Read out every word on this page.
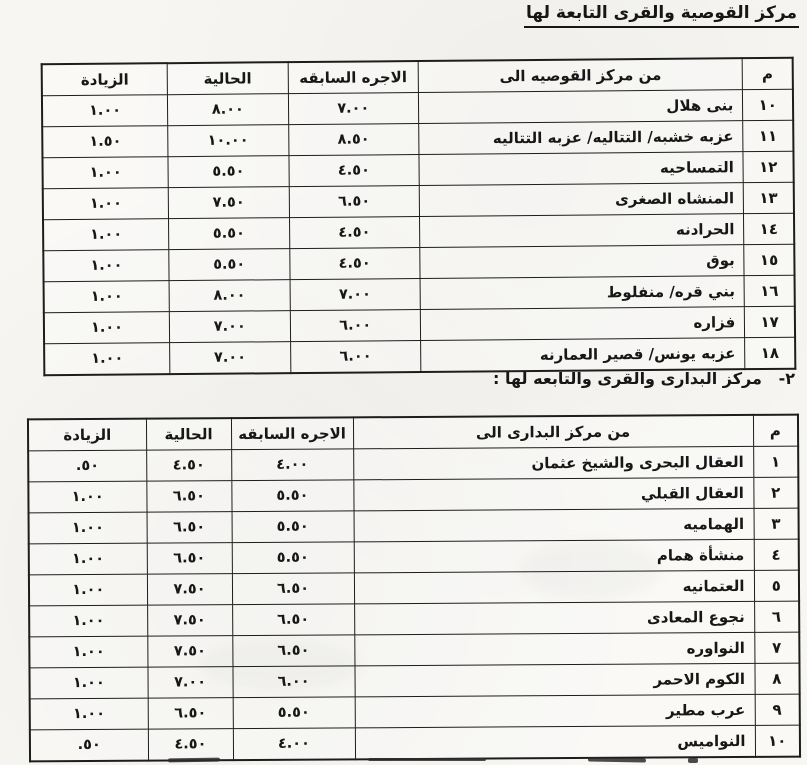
مركز القوصية والقرى التابعة لها
م	من مركز القوصيه الى	الاجره السابقه	الحالية	الزيادة
١٠	بنى هلال	٧.٠٠	٨.٠٠	١.٠٠
١١	عزبه خشبه/ التتاليه/ عزبه التتاليه	٨.٥٠	١٠.٠٠	١.٥٠
١٢	التمساحيه	٤.٥٠	٥.٥٠	١.٠٠
١٣	المنشاه الصغرى	٦.٥٠	٧.٥٠	١.٠٠
١٤	الحرادنه	٤.٥٠	٥.٥٠	١.٠٠
١٥	بوق	٤.٥٠	٥.٥٠	١.٠٠
١٦	بني قره/ منفلوط	٧.٠٠	٨.٠٠	١.٠٠
١٧	فزاره	٦.٠٠	٧.٠٠	١.٠٠
١٨	عزبه يونس/ قصير العمارنه	٦.٠٠	٧.٠٠	١.٠٠
٢-   مركز البدارى والقرى والتابعه لها :
م	من مركز البدارى الى	الاجره السابقه	الحالية	الزيادة
١	العقال البحرى والشيخ عثمان	٤.٠٠	٤.٥٠	.٥٠
٢	العقال القبلي	٥.٥٠	٦.٥٠	١.٠٠
٣	الهماميه	٥.٥٠	٦.٥٠	١.٠٠
٤	منشأة همام	٥.٥٠	٦.٥٠	١.٠٠
٥	العتمانيه	٦.٥٠	٧.٥٠	١.٠٠
٦	نجوع المعادى	٦.٥٠	٧.٥٠	١.٠٠
٧	النواوره	٦.٥٠	٧.٥٠	١.٠٠
٨	الكوم الاحمر	٦.٠٠	٧.٠٠	١.٠٠
٩	عرب مطير	٥.٥٠	٦.٥٠	١.٠٠
١٠	النواميس	٤.٠٠	٤.٥٠	.٥٠
